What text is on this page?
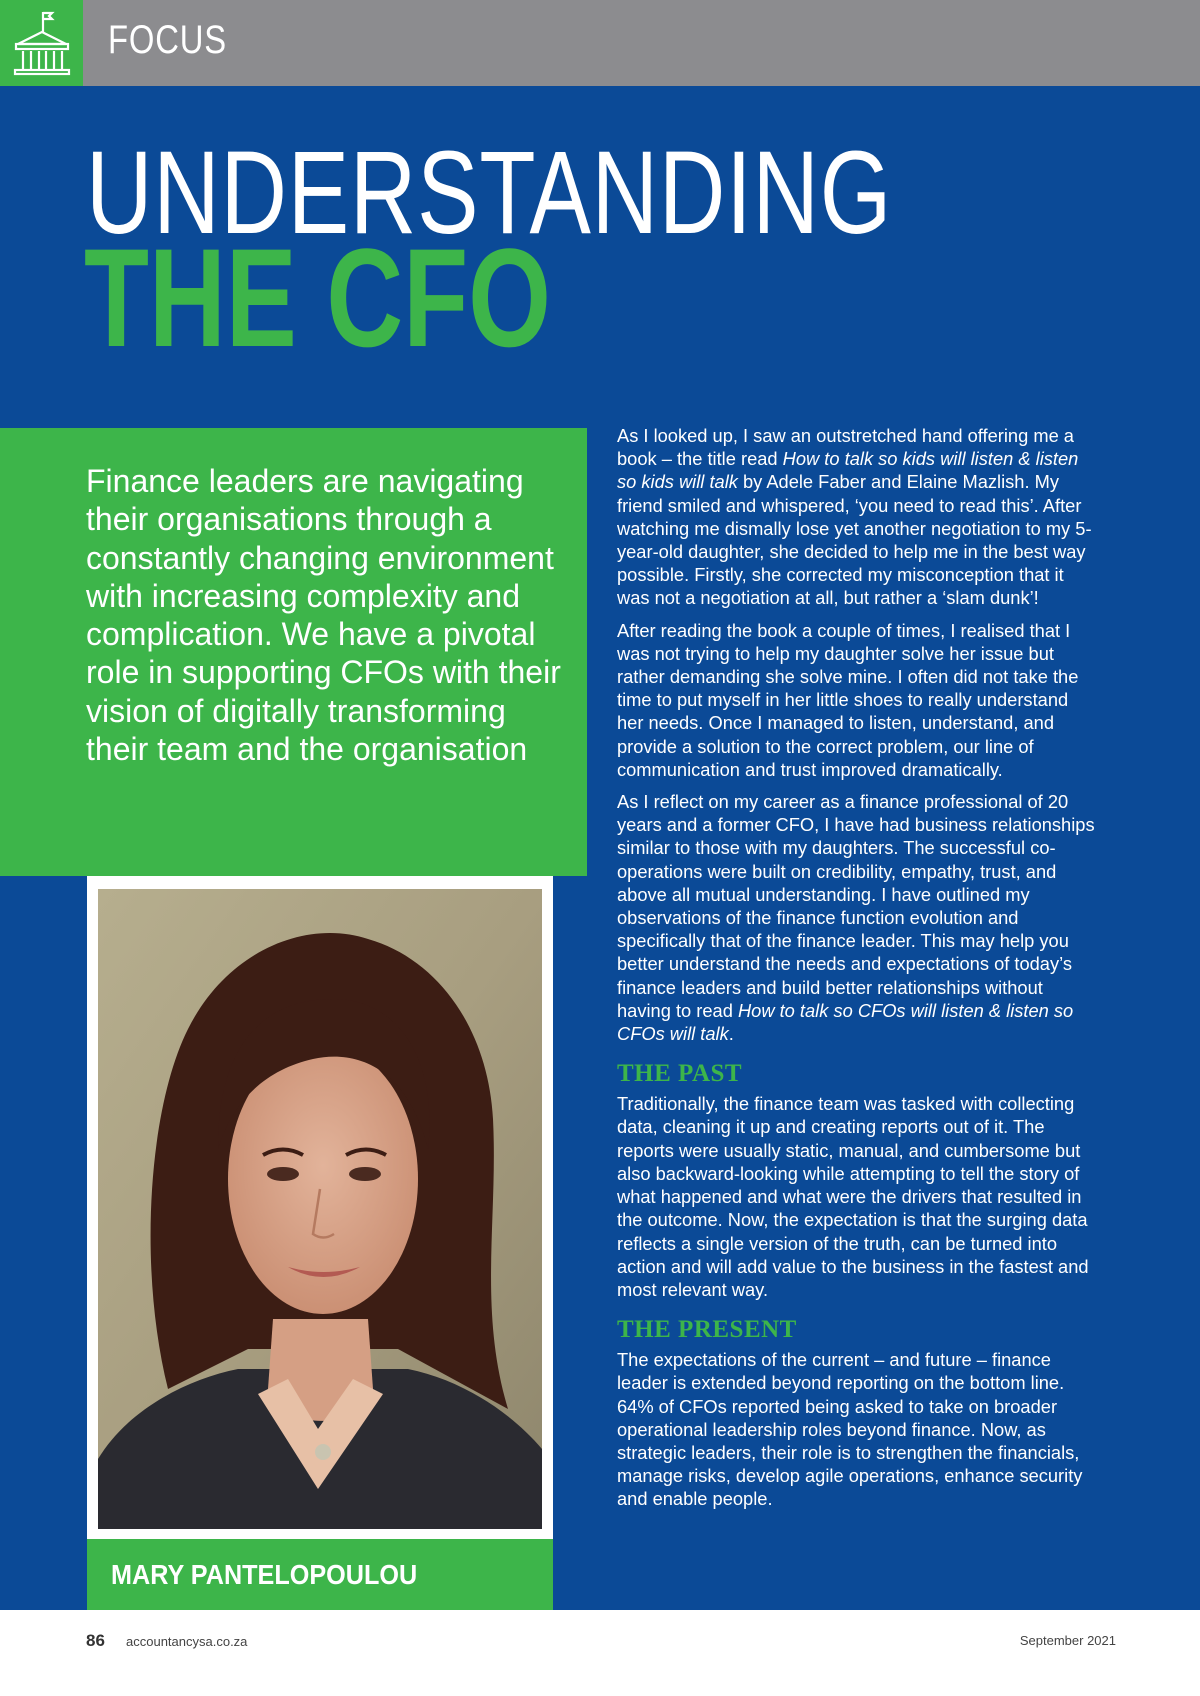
FOCUS
UNDERSTANDING
THE CFO

Finance leaders are navigating their organisations through a constantly changing environment with increasing complexity and complication. We have a pivotal role in supporting CFOs with their vision of digitally transforming their team and the organisation

MARY PANTELOPOULOU

As I looked up, I saw an outstretched hand offering me a book – the title read How to talk so kids will listen & listen so kids will talk by Adele Faber and Elaine Mazlish. My friend smiled and whispered, ‘you need to read this’. After watching me dismally lose yet another negotiation to my 5-year-old daughter, she decided to help me in the best way possible. Firstly, she corrected my misconception that it was not a negotiation at all, but rather a ‘slam dunk’!

After reading the book a couple of times, I realised that I was not trying to help my daughter solve her issue but rather demanding she solve mine. I often did not take the time to put myself in her little shoes to really understand her needs. Once I managed to listen, understand, and provide a solution to the correct problem, our line of communication and trust improved dramatically.

As I reflect on my career as a finance professional of 20 years and a former CFO, I have had business relationships similar to those with my daughters. The successful co-operations were built on credibility, empathy, trust, and above all mutual understanding. I have outlined my observations of the finance function evolution and specifically that of the finance leader. This may help you better understand the needs and expectations of today’s finance leaders and build better relationships without having to read How to talk so CFOs will listen & listen so CFOs will talk.

THE PAST

Traditionally, the finance team was tasked with collecting data, cleaning it up and creating reports out of it. The reports were usually static, manual, and cumbersome but also backward-looking while attempting to tell the story of what happened and what were the drivers that resulted in the outcome. Now, the expectation is that the surging data reflects a single version of the truth, can be turned into action and will add value to the business in the fastest and most relevant way.

THE PRESENT

The expectations of the current – and future – finance leader is extended beyond reporting on the bottom line. 64% of CFOs reported being asked to take on broader operational leadership roles beyond finance. Now, as strategic leaders, their role is to strengthen the financials, manage risks, develop agile operations, enhance security and enable people.

86 accountancysa.co.za	September 2021
